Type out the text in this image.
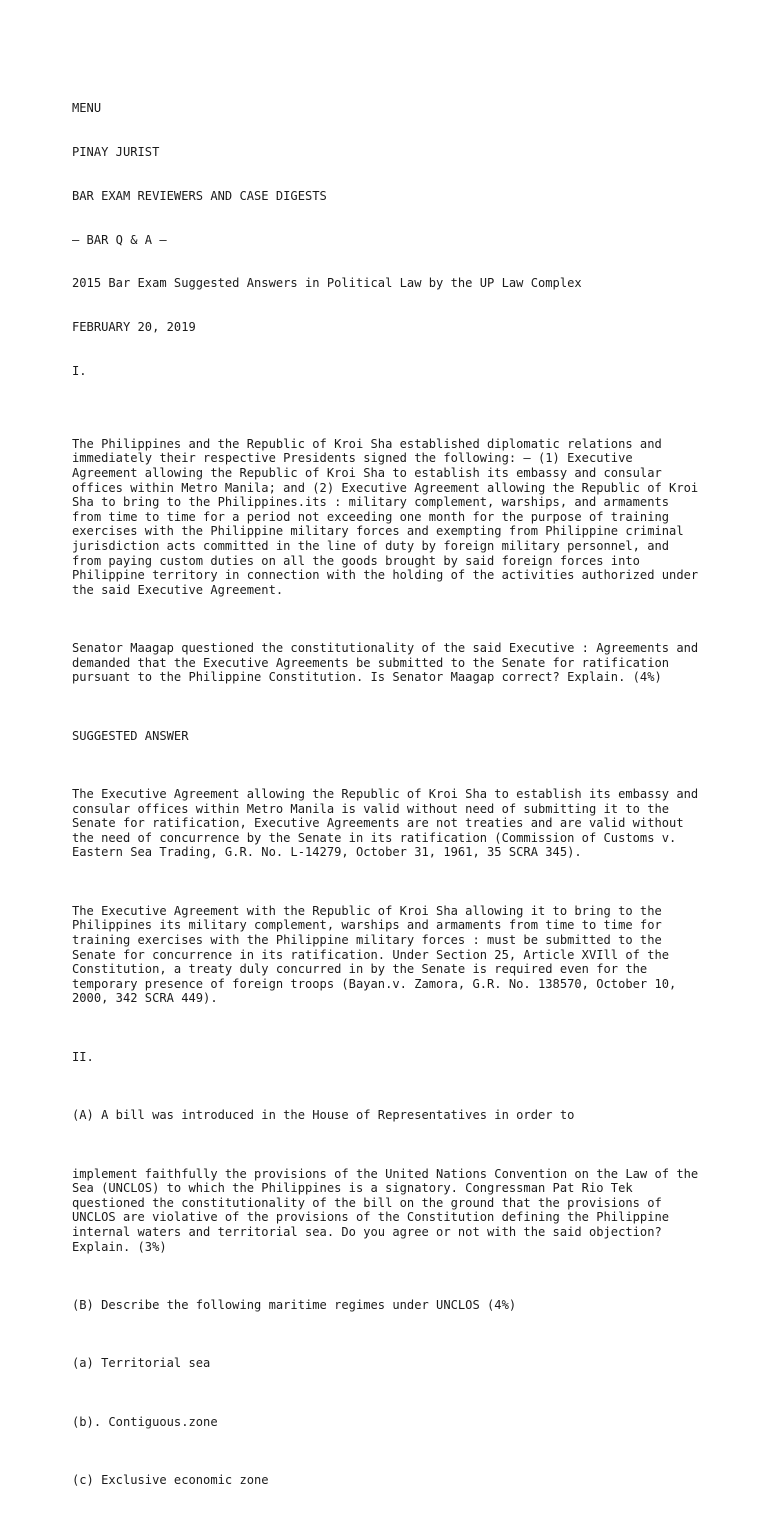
MENU

PINAY JURIST

BAR EXAM REVIEWERS AND CASE DIGESTS

— BAR Q & A —

2015 Bar Exam Suggested Answers in Political Law by the UP Law Complex

FEBRUARY 20, 2019

I.

The Philippines and the Republic of Kroi Sha established diplomatic relations and immediately their respective Presidents signed the following: – (1) Executive Agreement allowing the Republic of Kroi Sha to establish its embassy and consular offices within Metro Manila; and (2) Executive Agreement allowing the Republic of Kroi Sha to bring to the Philippines.its : military complement, warships, and armaments from time to time for a period not exceeding one month for the purpose of training exercises with the Philippine military forces and exempting from Philippine criminal jurisdiction acts committed in the line of duty by foreign military personnel, and from paying custom duties on all the goods brought by said foreign forces into Philippine territory in connection with the holding of the activities authorized under the said Executive Agreement.

Senator Maagap questioned the constitutionality of the said Executive : Agreements and demanded that the Executive Agreements be submitted to the Senate for ratification pursuant to the Philippine Constitution. Is Senator Maagap correct? Explain. (4%)

SUGGESTED ANSWER

The Executive Agreement allowing the Republic of Kroi Sha to establish its embassy and consular offices within Metro Manila is valid without need of submitting it to the Senate for ratification, Executive Agreements are not treaties and are valid without the need of concurrence by the Senate in its ratification (Commission of Customs v. Eastern Sea Trading, G.R. No. L-14279, October 31, 1961, 35 SCRA 345).

The Executive Agreement with the Republic of Kroi Sha allowing it to bring to the Philippines its military complement, warships and armaments from time to time for training exercises with the Philippine military forces : must be submitted to the Senate for concurrence in its ratification. Under Section 25, Article XVIll of the Constitution, a treaty duly concurred in by the Senate is required even for the temporary presence of foreign troops (Bayan.v. Zamora, G.R. No. 138570, October 10, 2000, 342 SCRA 449).

II.

(A) A bill was introduced in the House of Representatives in order to

implement faithfully the provisions of the United Nations Convention on the Law of the Sea (UNCLOS) to which the Philippines is a signatory. Congressman Pat Rio Tek questioned the constitutionality of the bill on the ground that the provisions of UNCLOS are violative of the provisions of the Constitution defining the Philippine internal waters and territorial sea. Do you agree or not with the said objection? Explain. (3%)

(B) Describe the following maritime regimes under UNCLOS (4%)

(a) Territorial sea

(b). Contiguous.zone

(c) Exclusive economic zone
